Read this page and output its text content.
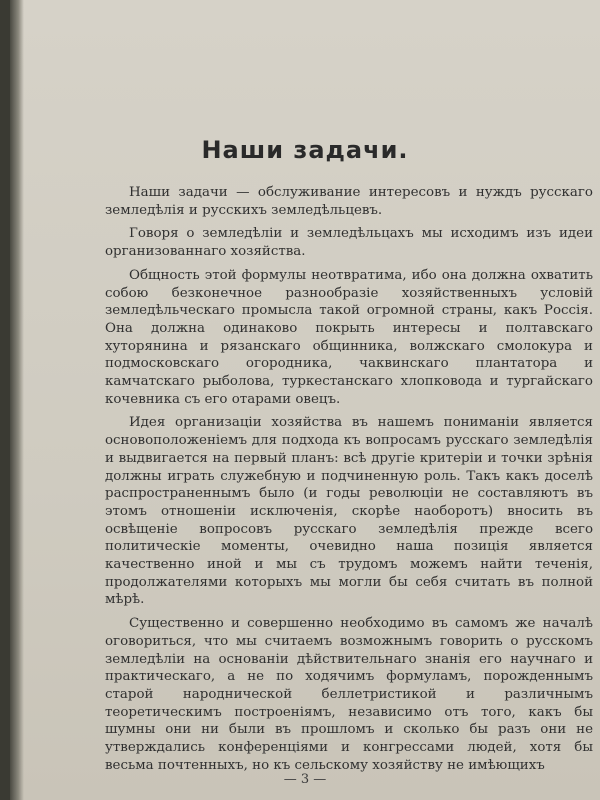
Наши задачи.

Наши задачи — обслуживание интересовъ и нуждъ русскаго земледѣлія и русскихъ земледѣльцевъ.

Говоря о земледѣліи и земледѣльцахъ мы исходимъ изъ идеи организованнаго хозяйства.

Общность этой формулы неотвратима, ибо она должна охватить собою безконечное разнообразіе хозяйственныхъ условій земледѣльческаго промысла такой огромной страны, какъ Россія. Она должна одинаково покрыть интересы и полтавскаго хуторянина и рязанскаго общинника, волжскаго смолокура и подмосковскаго огородника, чаквинскаго плантатора и камчатскаго рыболова, туркестанскаго хлопковода и тургайскаго кочевника съ его отарами овецъ.

Идея организаціи хозяйства въ нашемъ пониманіи является основоположеніемъ для подхода къ вопросамъ русскаго земледѣлія и выдвигается на первый планъ: всѣ другіе критеріи и точки зрѣнія должны играть служебную и подчиненную роль. Такъ какъ доселѣ распространеннымъ было (и годы революціи не составляютъ въ этомъ отношеніи исключенія, скорѣе наоборотъ) вносить въ освѣщеніе вопросовъ русскаго земледѣлія прежде всего политическіе моменты, очевидно наша позиція является качественно иной и мы съ трудомъ можемъ найти теченія, продолжателями которыхъ мы могли бы себя считать въ полной мѣрѣ.

Существенно и совершенно необходимо въ самомъ же началѣ оговориться, что мы считаемъ возможнымъ говорить о русскомъ земледѣліи на основаніи дѣйствительнаго знанія его научнаго и практическаго, а не по ходячимъ формуламъ, порожденнымъ старой народнической беллетристикой и различнымъ теоретическимъ построеніямъ, независимо отъ того, какъ бы шумны они ни были въ прошломъ и сколько бы разъ они не утверждались конференціями и конгрессами людей, хотя бы весьма почтенныхъ, но къ сельскому хозяйству не имѣющихъ

— 3 —
